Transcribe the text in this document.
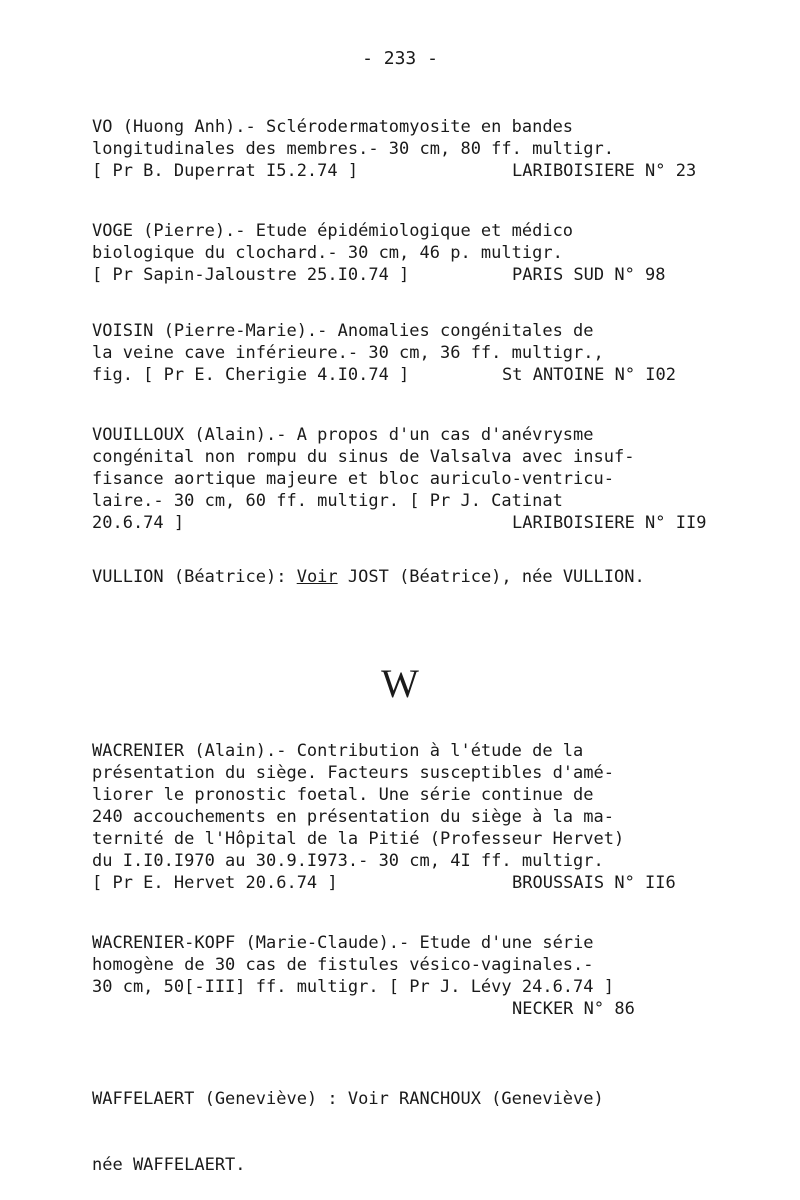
- 233 -
VO (Huong Anh).- Sclérodermatomyosite en bandes
longitudinales des membres.- 30 cm, 80 ff. multigr.
[ Pr B. Duperrat I5.2.74 ]	LARIBOISIERE N° 23
VOGE (Pierre).- Etude épidémiologique et médico
biologique du clochard.- 30 cm, 46 p. multigr.
[ Pr Sapin-Jaloustre 25.I0.74 ]	PARIS SUD N° 98
VOISIN (Pierre-Marie).- Anomalies congénitales de
la veine cave inférieure.- 30 cm, 36 ff. multigr.,
fig. [ Pr E. Cherigie 4.I0.74 ]	St ANTOINE N° I02
VOUILLOUX (Alain).- A propos d'un cas d'anévrysme
congénital non rompu du sinus de Valsalva avec insuf-
fisance aortique majeure et bloc auriculo-ventricu-
laire.- 30 cm, 60 ff. multigr. [ Pr J. Catinat
20.6.74 ]	LARIBOISIERE N° II9
VULLION (Béatrice): Voir JOST (Béatrice), née VULLION.
W
WACRENIER (Alain).- Contribution à l'étude de la
présentation du siège. Facteurs susceptibles d'amé-
liorer le pronostic foetal. Une série continue de
240 accouchements en présentation du siège à la ma-
ternité de l'Hôpital de la Pitié (Professeur Hervet)
du I.I0.I970 au 30.9.I973.- 30 cm, 4I ff. multigr.
[ Pr E. Hervet 20.6.74 ]	BROUSSAIS N° II6
WACRENIER-KOPF (Marie-Claude).- Etude d'une série
homogène de 30 cas de fistules vésico-vaginales.-
30 cm, 50[-III] ff. multigr. [ Pr J. Lévy 24.6.74 ]
NECKER N° 86

WAFFELAERT (Geneviève) : Voir RANCHOUX (Geneviève)

née WAFFELAERT.
